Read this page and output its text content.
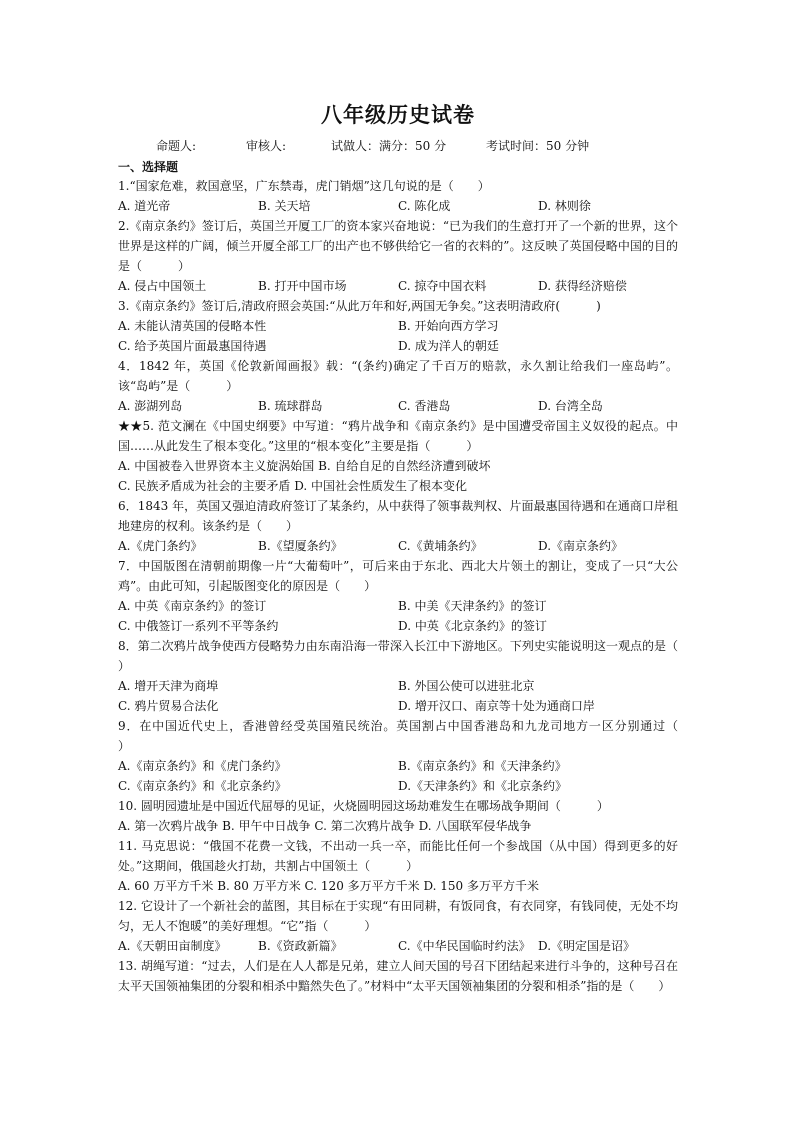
八年级历史试卷
命题人:	审核人:	试做人：满分：50 分	考试时间：50 分钟
一、选择题
1.“国家危难，救国意坚，广东禁毒，虎门销烟”这几句说的是（　　）
A. 道光帝	B. 关天培	C. 陈化成	D. 林则徐
2.《南京条约》签订后，英国兰开厦工厂的资本家兴奋地说：“已为我们的生意打开了一个新的世界，这个世界是这样的广阔，倾兰开厦全部工厂的出产也不够供给它一省的衣料的”。这反映了英国侵略中国的目的是（　　　）
A. 侵占中国领土	B. 打开中国市场	C. 掠夺中国衣料	D. 获得经济赔偿
3.《南京条约》签订后,清政府照会英国:“从此万年和好,两国无争矣。”这表明清政府(　　　)
A. 未能认清英国的侵略本性	B. 开始向西方学习
C. 给予英国片面最惠国待遇	D. 成为洋人的朝廷
4．1842 年，英国《伦敦新闻画报》载：“(条约)确定了千百万的赔款，永久割让给我们一座岛屿”。该“岛屿”是（　　　）
A. 澎湖列岛	B. 琉球群岛	C. 香港岛	D. 台湾全岛
★★5. 范文澜在《中国史纲要》中写道：“鸦片战争和《南京条约》是中国遭受帝国主义奴役的起点。中国……从此发生了根本变化。”这里的“根本变化”主要是指（　　　）
A. 中国被卷入世界资本主义旋涡始国 B. 自给自足的自然经济遭到破坏
C. 民族矛盾成为社会的主要矛盾 D. 中国社会性质发生了根本变化
6．1843 年，英国又强迫清政府签订了某条约，从中获得了领事裁判权、片面最惠国待遇和在通商口岸租地建房的权利。该条约是（　　）
A.《虎门条约》	B.《望厦条约》	C.《黄埔条约》	D.《南京条约》
7．中国版图在清朝前期像一片“大葡萄叶”，可后来由于东北、西北大片领土的割让，变成了一只“大公鸡”。由此可知，引起版图变化的原因是（　　）
A. 中英《南京条约》的签订	B. 中美《天津条约》的签订
C. 中俄签订一系列不平等条约	D. 中英《北京条约》的签订
8．第二次鸦片战争使西方侵略势力由东南沿海一带深入长江中下游地区。下列史实能说明这一观点的是（　　　）
A. 增开天津为商埠	B. 外国公使可以进驻北京
C. 鸦片贸易合法化	D. 增开汉口、南京等十处为通商口岸
9．在中国近代史上，香港曾经受英国殖民统治。英国割占中国香港岛和九龙司地方一区分别通过（　　　）
A.《南京条约》和《虎门条约》	B.《南京条约》和《天津条约》
C.《南京条约》和《北京条约》	D.《天津条约》和《北京条约》
10. 圆明园遗址是中国近代屈辱的见证，火烧圆明园这场劫难发生在哪场战争期间（　　　）
A. 第一次鸦片战争 B. 甲午中日战争 C. 第二次鸦片战争 D. 八国联军侵华战争
11. 马克思说：“俄国不花费一文钱，不出动一兵一卒，而能比任何一个参战国（从中国）得到更多的好处。”这期间，俄国趁火打劫，共割占中国领土（　　　）
A. 60 万平方千米 B. 80 万平方米 C. 120 多万平方千米 D. 150 多万平方千米
12. 它设计了一个新社会的蓝图，其目标在于实现“有田同耕，有饭同食，有衣同穿，有钱同使，无处不均匀，无人不饱暖”的美好理想。“它”指（　　　）
A.《天朝田亩制度》	B.《资政新篇》	C.《中华民国临时约法》 D.《明定国是诏》
13. 胡绳写道：“过去，人们是在人人都是兄弟，建立人间天国的号召下团结起来进行斗争的，这种号召在太平天国领袖集团的分裂和相杀中黯然失色了。”材料中“太平天国领袖集团的分裂和相杀”指的是（　　）
